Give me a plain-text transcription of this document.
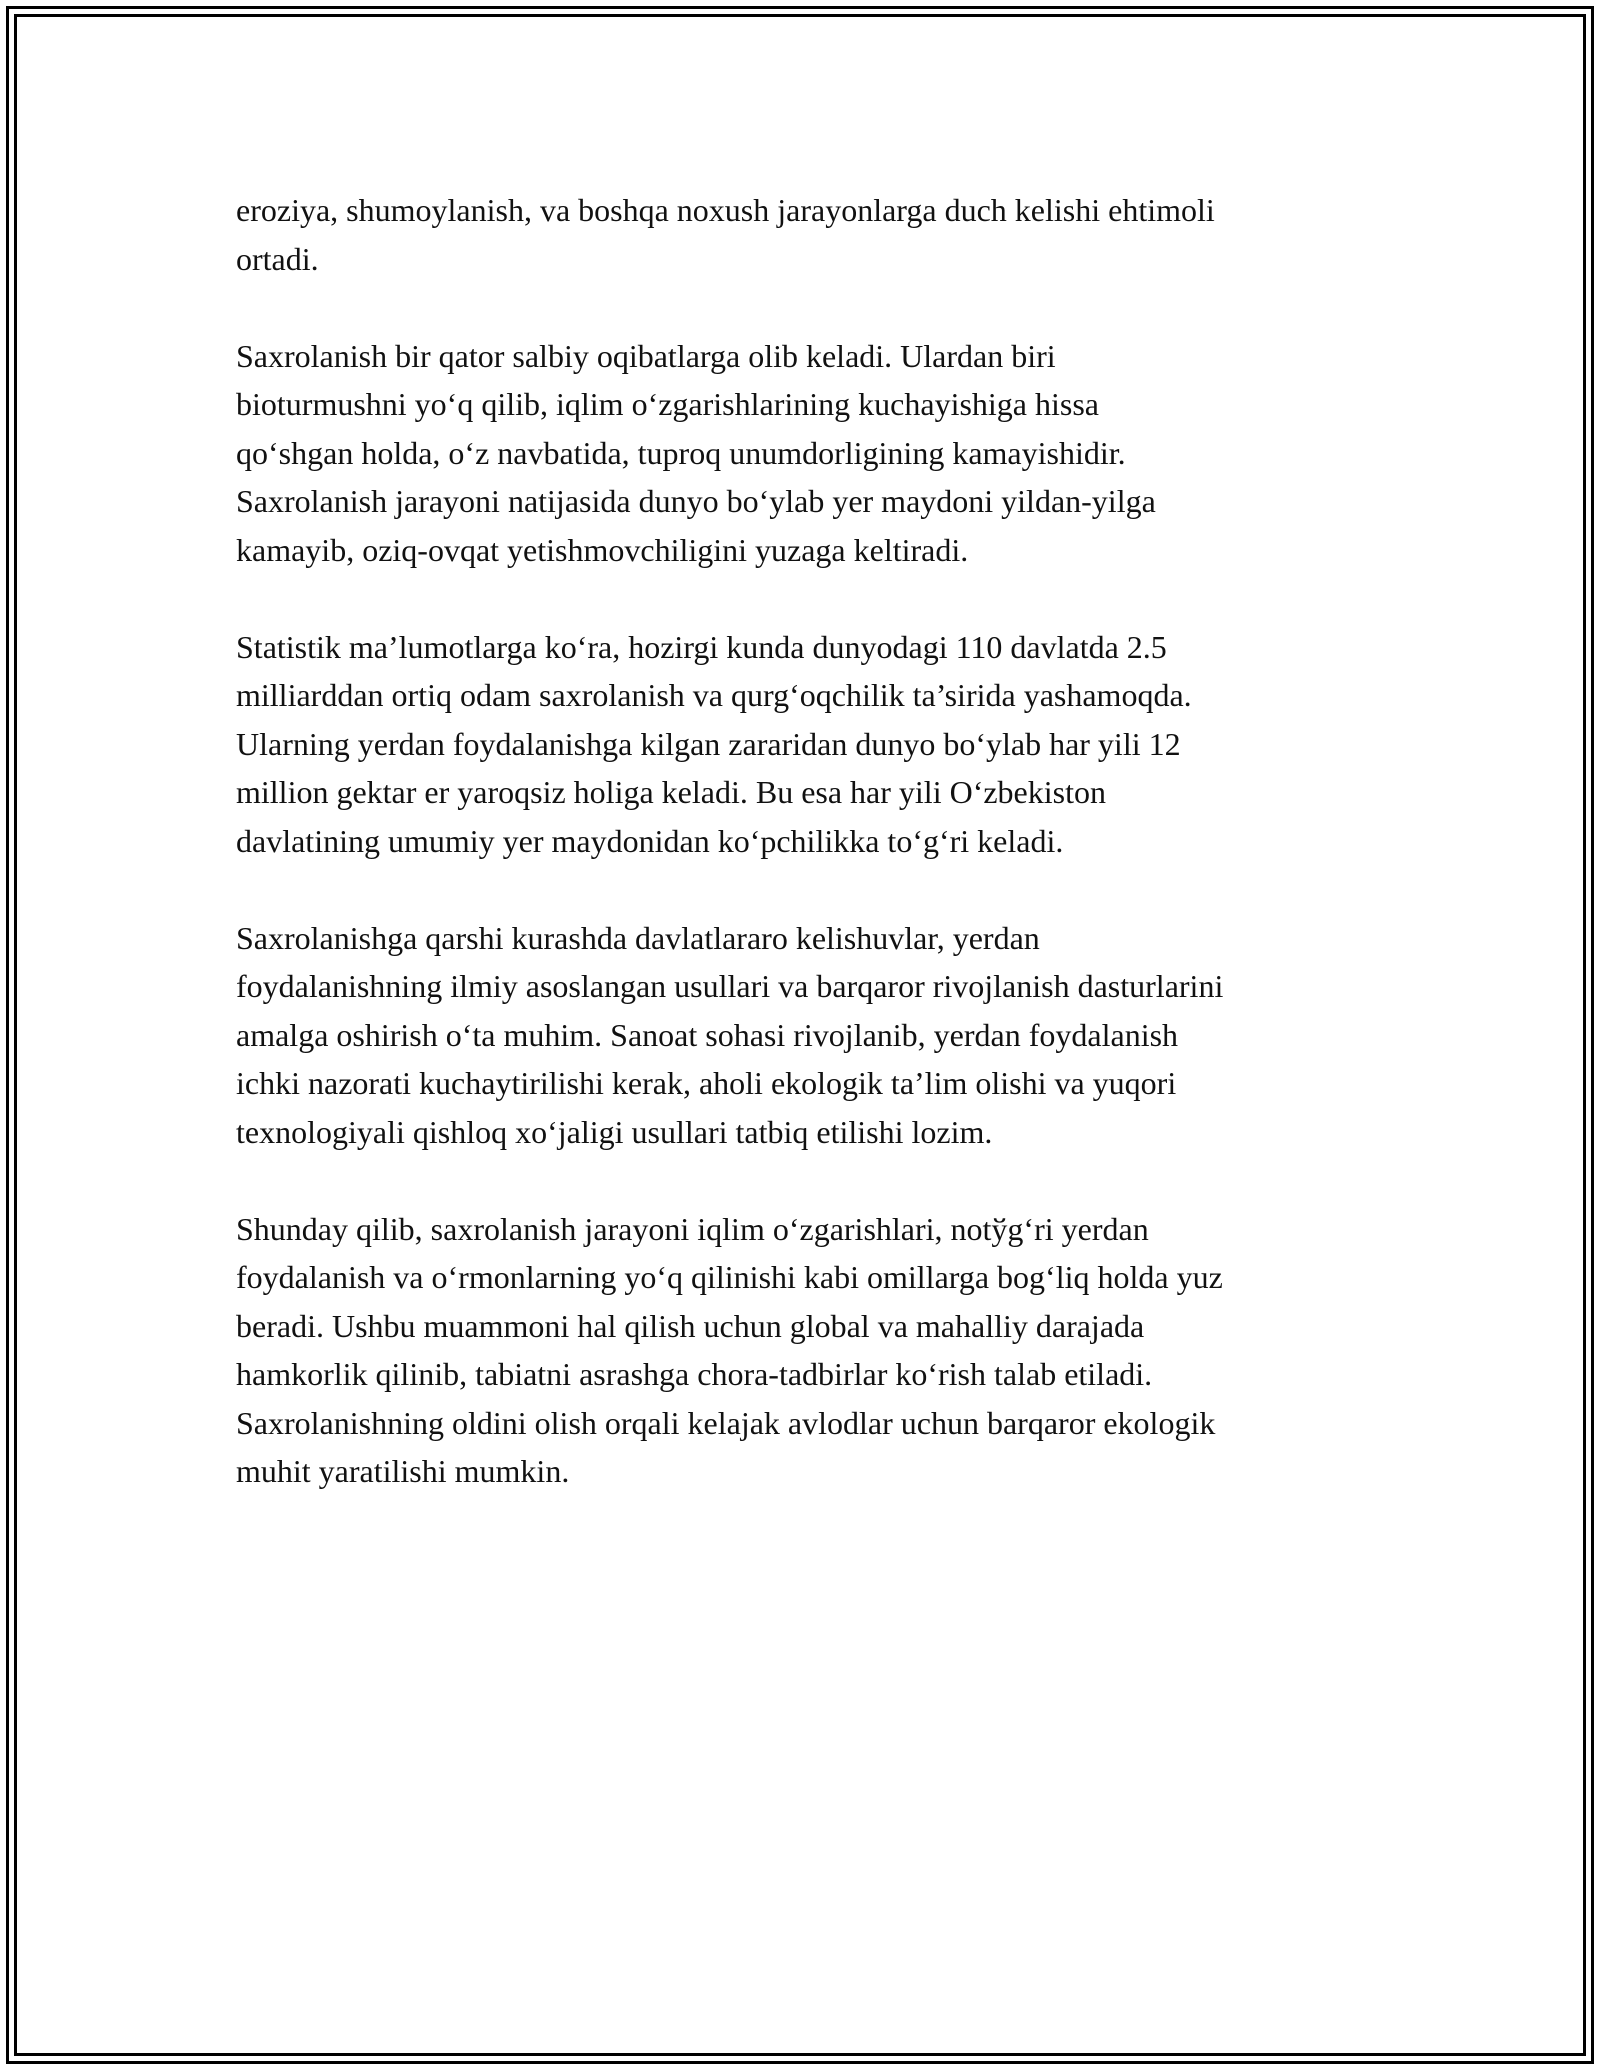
eroziya, shumoylanish, va boshqa noxush jarayonlarga duch kelishi ehtimoli
ortadi.

Saxrolanish bir qator salbiy oqibatlarga olib keladi. Ulardan biri
bioturmushni yo‘q qilib, iqlim o‘zgarishlarining kuchayishiga hissa
qo‘shgan holda, o‘z navbatida, tuproq unumdorligining kamayishidir.
Saxrolanish jarayoni natijasida dunyo bo‘ylab yer maydoni yildan-yilga
kamayib, oziq-ovqat yetishmovchiligini yuzaga keltiradi.

Statistik ma’lumotlarga ko‘ra, hozirgi kunda dunyodagi 110 davlatda 2.5
milliarddan ortiq odam saxrolanish va qurg‘oqchilik ta’sirida yashamoqda.
Ularning yerdan foydalanishga kilgan zararidan dunyo bo‘ylab har yili 12
million gektar er yaroqsiz holiga keladi. Bu esa har yili O‘zbekiston
davlatining umumiy yer maydonidan ko‘pchilikka to‘g‘ri keladi.

Saxrolanishga qarshi kurashda davlatlararo kelishuvlar, yerdan
foydalanishning ilmiy asoslangan usullari va barqaror rivojlanish dasturlarini
amalga oshirish o‘ta muhim. Sanoat sohasi rivojlanib, yerdan foydalanish
ichki nazorati kuchaytirilishi kerak, aholi ekologik ta’lim olishi va yuqori
texnologiyali qishloq xo‘jaligi usullari tatbiq etilishi lozim.

Shunday qilib, saxrolanish jarayoni iqlim o‘zgarishlari, notўg‘ri yerdan
foydalanish va o‘rmonlarning yo‘q qilinishi kabi omillarga bog‘liq holda yuz
beradi. Ushbu muammoni hal qilish uchun global va mahalliy darajada
hamkorlik qilinib, tabiatni asrashga chora-tadbirlar ko‘rish talab etiladi.
Saxrolanishning oldini olish orqali kelajak avlodlar uchun barqaror ekologik
muhit yaratilishi mumkin.
